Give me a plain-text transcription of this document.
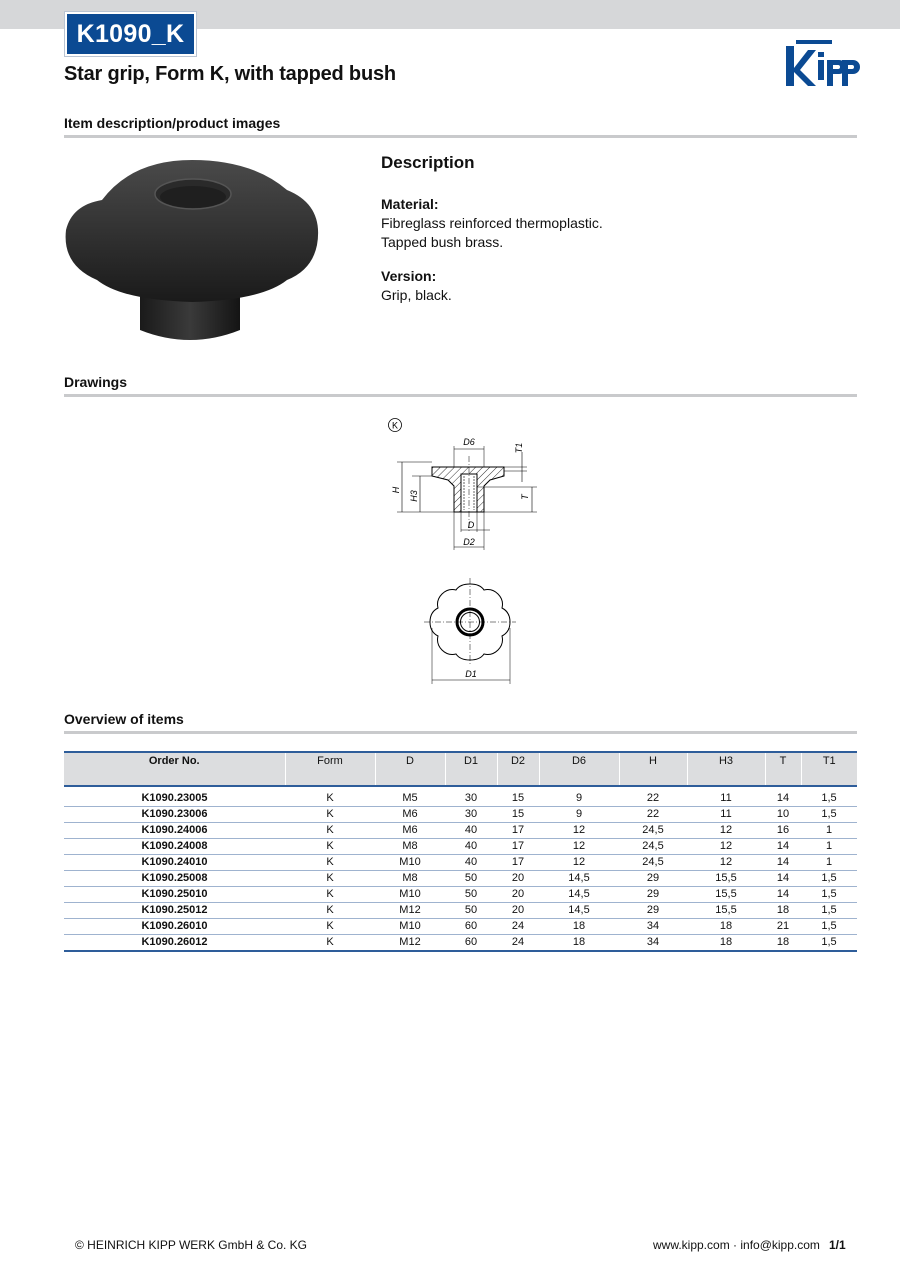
K1090_K
Star grip, Form K, with tapped bush
Item description/product images
Description

Material:

Fibreglass reinforced thermoplastic.

Tapped bush brass.

Version:

Grip, black.

Drawings
K
D6
T1
H
H3	T
D
D2
D1
Overview of items
Order No.	Form	D	D1	D2	D6	H	H3	T	T1

K1090.23005	K	M5	30	15	9	22	11	14	1,5
K1090.23006	K	M6	30	15	9	22	11	10	1,5
K1090.24006	K	M6	40	17	12	24,5	12	16	1
K1090.24008	K	M8	40	17	12	24,5	12	14	1
K1090.24010	K	M10	40	17	12	24,5	12	14	1
K1090.25008	K	M8	50	20	14,5	29	15,5	14	1,5
K1090.25010	K	M10	50	20	14,5	29	15,5	14	1,5
K1090.25012	K	M12	50	20	14,5	29	15,5	18	1,5
K1090.26010	K	M10	60	24	18	34	18	21	1,5
K1090.26012	K	M12	60	24	18	34	18	18	1,5
© HEINRICH KIPP WERK GmbH & Co. KG	www.kipp.com · info@kipp.com 1/1
